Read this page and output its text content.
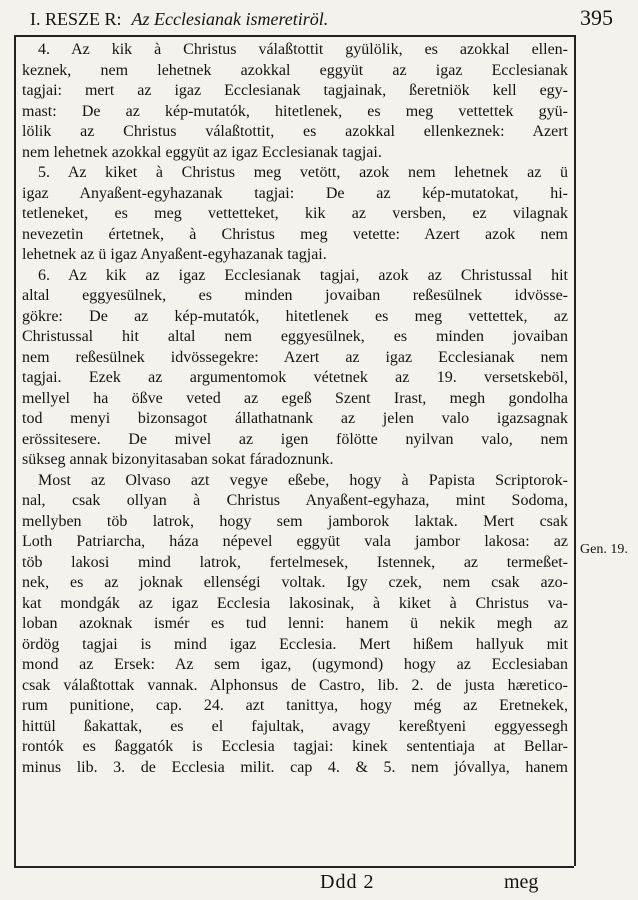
I. RESZE R: Az Ecclesianak ismeretiröl.	395
4. Az kik à Christus válaßtottit gyülölik, es azokkal ellen-
keznek, nem lehetnek azokkal eggyüt az igaz Ecclesianak
tagjai: mert az igaz Ecclesianak tagjainak, ßeretniök kell egy-
mast: De az kép-mutatók, hitetlenek, es meg vettettek gyü-
lölik az Christus válaßtottit, es azokkal ellenkeznek: Azert
nem lehetnek azokkal eggyüt az igaz Ecclesianak tagjai.
5. Az kiket à Christus meg vetött, azok nem lehetnek az ü
igaz Anyaßent-egyhazanak tagjai: De az kép-mutatokat, hi-
tetleneket, es meg vettetteket, kik az versben, ez vilagnak
nevezetin értetnek, à Christus meg vetette: Azert azok nem
lehetnek az ü igaz Anyaßent-egyhazanak tagjai.
6. Az kik az igaz Ecclesianak tagjai, azok az Christussal hit
altal eggyesülnek, es minden jovaiban reßesülnek idvösse-
gökre: De az kép-mutatók, hitetlenek es meg vettettek, az
Christussal hit altal nem eggyesülnek, es minden jovaiban
nem reßesülnek idvössegekre: Azert az igaz Ecclesianak nem
tagjai. Ezek az argumentomok vétetnek az 19. versetskeböl,
mellyel ha ößve veted az egeß Szent Irast, megh gondolha
tod menyi bizonsagot állathatnank az jelen valo igazsagnak
erössitesere. De mivel az igen fölötte nyilvan valo, nem
sükseg annak bizonyitasaban sokat fáradoznunk.
Most az Olvaso azt vegye eßebe, hogy à Papista Scriptorok-
nal, csak ollyan à Christus Anyaßent-egyhaza, mint Sodoma,
mellyben töb latrok, hogy sem jamborok laktak. Mert csak
Loth Patriarcha, háza népevel eggyüt vala jambor lakosa: az
töb lakosi mind latrok, fertelmesek, Istennek, az termeßet-
nek, es az joknak ellenségi voltak. Igy czek, nem csak azo-
kat mondgák az igaz Ecclesia lakosinak, à kiket à Christus va-
loban azoknak ismér es tud lenni: hanem ü nekik megh az
ördög tagjai is mind igaz Ecclesia. Mert hißem hallyuk mit
mond az Ersek: Az sem igaz, (ugymond) hogy az Ecclesiaban
csak válaßtottak vannak. Alphonsus de Castro, lib. 2. de justa hæretico-
rum punitione, cap. 24. azt tanittya, hogy még az Eretnekek,
hittül ßakattak, es el fajultak, avagy kereßtyeni eggyessegh
rontók es ßaggatók is Ecclesia tagjai: kinek sententiaja at Bellar-
minus lib. 3. de Ecclesia milit. cap 4. & 5. nem jóvallya, hanem
Gen. 19.
Ddd 2	meg
